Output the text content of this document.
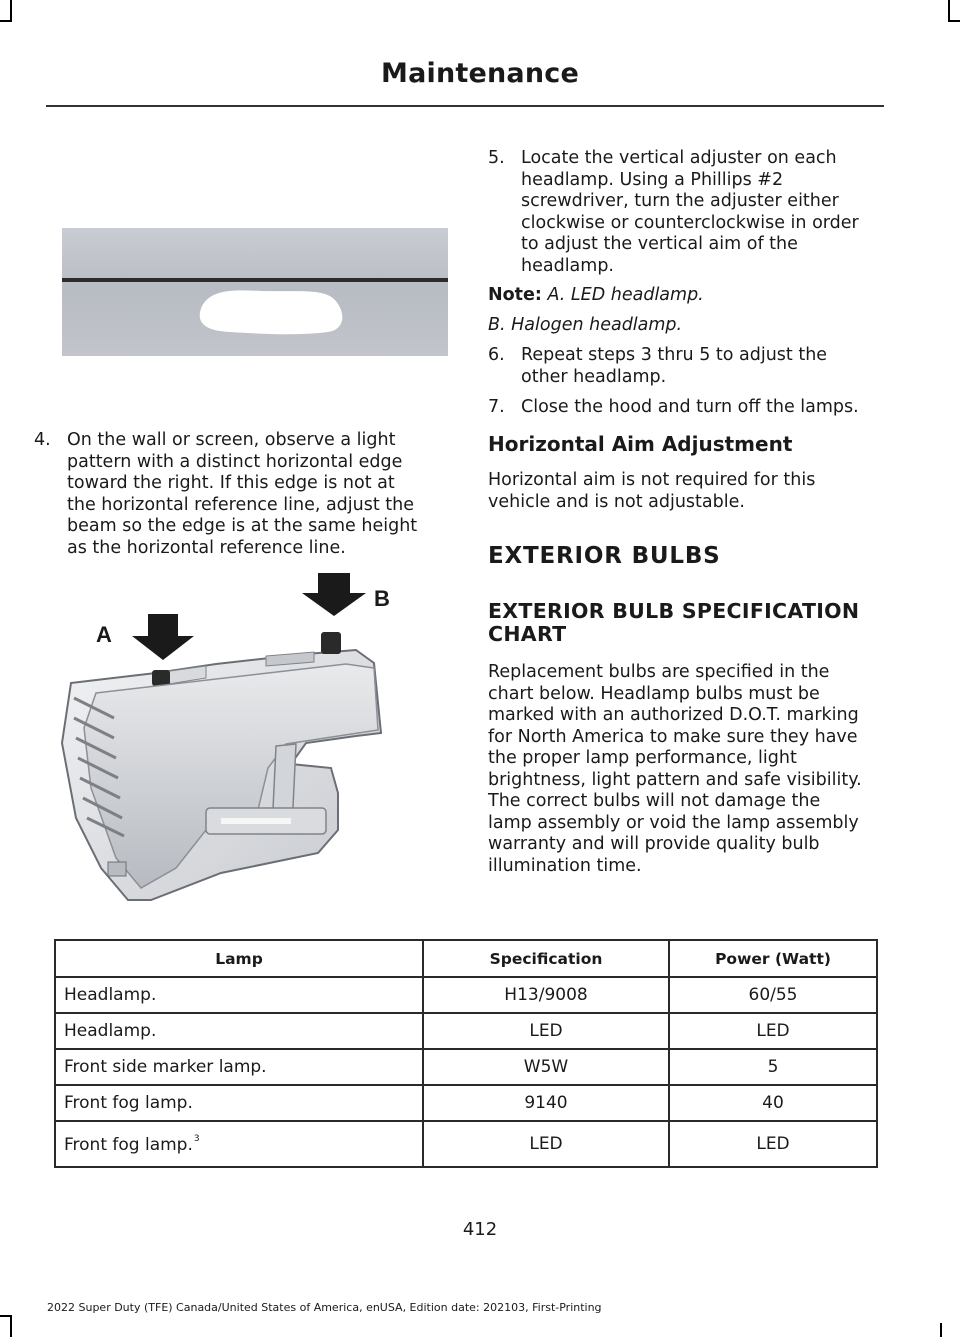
Maintenance
4. On the wall or screen, observe a light
pattern with a distinct horizontal edge
toward the right. If this edge is not at
the horizontal reference line, adjust the
beam so the edge is at the same height
as the horizontal reference line.
B
A
5. Locate the vertical adjuster on each
headlamp. Using a Phillips #2
screwdriver, turn the adjuster either
clockwise or counterclockwise in order
to adjust the vertical aim of the
headlamp.
Note: A. LED headlamp.
B. Halogen headlamp.
6. Repeat steps 3 thru 5 to adjust the
other headlamp.
7. Close the hood and turn off the lamps.
Horizontal Aim Adjustment
Horizontal aim is not required for this
vehicle and is not adjustable.
EXTERIOR BULBS
EXTERIOR BULB SPECIFICATION
CHART
Replacement bulbs are specified in the
chart below. Headlamp bulbs must be
marked with an authorized D.O.T. marking
for North America to make sure they have
the proper lamp performance, light
brightness, light pattern and safe visibility.
The correct bulbs will not damage the
lamp assembly or void the lamp assembly
warranty and will provide quality bulb
illumination time.
Lamp	Specification	Power (Watt)
Headlamp.	H13/9008	60/55
Headlamp.	LED	LED
Front side marker lamp.	W5W	5
Front fog lamp.	9140	40
Front fog lamp.$^3$	LED	LED
412
2022 Super Duty (TFE) Canada/United States of America, enUSA, Edition date: 202103, First-Printing
